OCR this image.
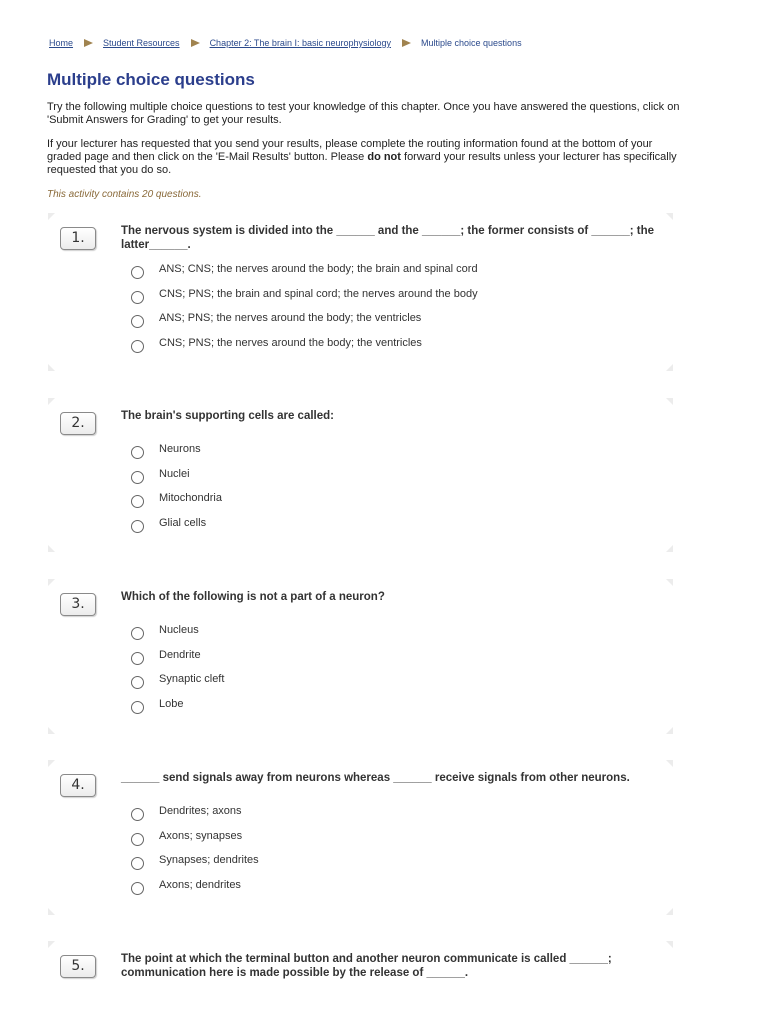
Home	Student Resources	Chapter 2: The brain I: basic neurophysiology	Multiple choice questions
Multiple choice questions

Try the following multiple choice questions to test your knowledge of this chapter. Once you have answered the questions, click on 'Submit Answers for Grading' to get your results.

If your lecturer has requested that you send your results, please complete the routing information found at the bottom of your graded page and then click on the 'E-Mail Results' button. Please do not forward your results unless your lecturer has specifically requested that you do so.

This activity contains 20 questions.

1.	The nervous system is divided into the ______ and the ______; the former consists of ______; the latter______.

ANS; CNS; the nerves around the body; the brain and spinal cord
CNS; PNS; the brain and spinal cord; the nerves around the body
ANS; PNS; the nerves around the body; the ventricles
CNS; PNS; the nerves around the body; the ventricles
2.	The brain's supporting cells are called:

Neurons
Nuclei
Mitochondria
Glial cells
3.	Which of the following is not a part of a neuron?

Nucleus
Dendrite
Synaptic cleft
Lobe
4.	______ send signals away from neurons whereas ______ receive signals from other neurons.

Dendrites; axons
Axons; synapses
Synapses; dendrites
Axons; dendrites
5.	The point at which the terminal button and another neuron communicate is called ______; communication here is made possible by the release of ______.
